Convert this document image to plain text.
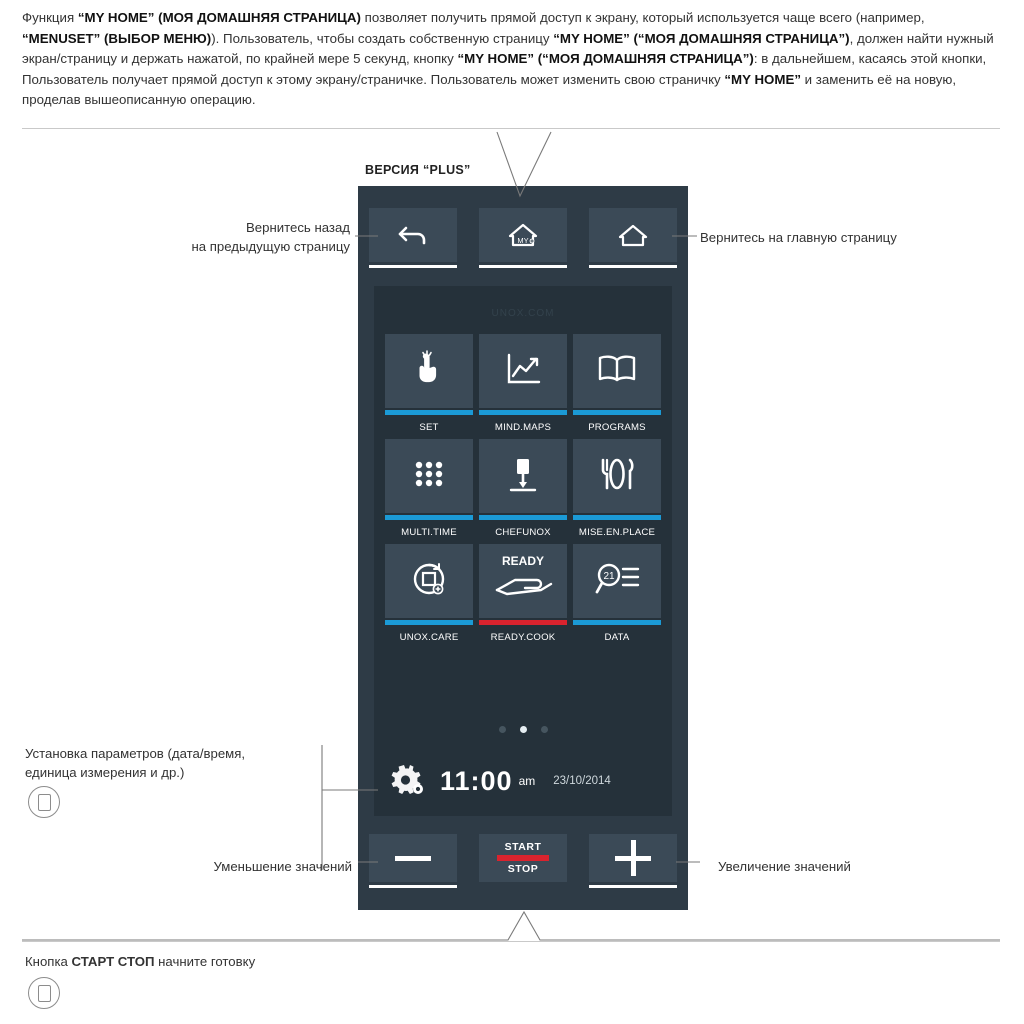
Функция “MY HOME” (МОЯ ДОМАШНЯЯ СТРАНИЦА) позволяет получить прямой доступ к экрану, который используется чаще всего (например, “MENUSET” (ВЫБОР МЕНЮ)). Пользователь, чтобы создать собственную страницу “MY HOME” (“МОЯ ДОМАШНЯЯ СТРАНИЦА”), должен найти нужный экран/страницу и держать нажатой, по крайней мере 5 секунд, кнопку “MY HOME” (“МОЯ ДОМАШНЯЯ СТРАНИЦА”): в дальнейшем, касаясь этой кнопки, Пользователь получает прямой доступ к этому экрану/страничке. Пользователь может изменить свою страничку “MY HOME” и заменить её на новую, проделав вышеописанную операцию.
ВЕРСИЯ “PLUS”
MY
UNOX.COM
SET	MIND.MAPS	PROGRAMS
MULTI.TIME	CHEFUNOX	MISE.EN.PLACE
UNOX.CARE
READY
READY.COOK
21
DATA
11:00 am 23/10/2014
START
STOP
Вернитесь назад
на предыдущую страницу
Вернитесь на главную страницу
Установка параметров (дата/время,
единица измерения и др.)
Уменьшение значений	Увеличение значений
Кнопка СТАРТ СТОП начните готовку
